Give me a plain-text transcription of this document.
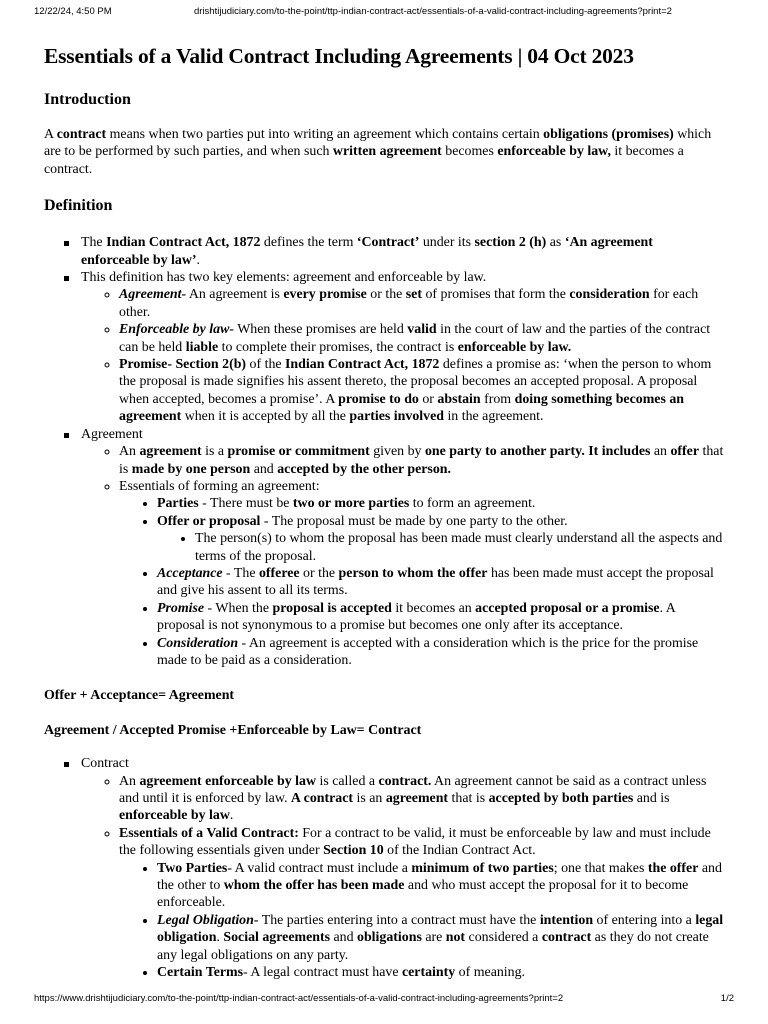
12/22/24, 4:50 PM	drishtijudiciary.com/to-the-point/ttp-indian-contract-act/essentials-of-a-valid-contract-including-agreements?print=2
Essentials of a Valid Contract Including Agreements | 04 Oct 2023
Introduction

A contract means when two parties put into writing an agreement which contains certain obligations (promises) which are to be performed by such parties, and when such written agreement becomes enforceable by law, it becomes a contract.

Definition
The Indian Contract Act, 1872 defines the term ‘Contract’ under its section 2 (h) as ‘An agreement enforceable by law’.
This definition has two key elements: agreement and enforceable by law.
◦ Agreement- An agreement is every promise or the set of promises that form the consideration for each other.
◦ Enforceable by law- When these promises are held valid in the court of law and the parties of the contract can be held liable to complete their promises, the contract is enforceable by law.
◦ Promise- Section 2(b) of the Indian Contract Act, 1872 defines a promise as: ‘when the person to whom the proposal is made signifies his assent thereto, the proposal becomes an accepted proposal. A proposal when accepted, becomes a promise’. A promise to do or abstain from doing something becomes an agreement when it is accepted by all the parties involved in the agreement.
Agreement
◦ An agreement is a promise or commitment given by one party to another party. It includes an offer that is made by one person and accepted by the other person.
◦ Essentials of forming an agreement:
• Parties - There must be two or more parties to form an agreement.
• Offer or proposal - The proposal must be made by one party to the other.
• The person(s) to whom the proposal has been made must clearly understand all the aspects and terms of the proposal.
• Acceptance - The offeree or the person to whom the offer has been made must accept the proposal and give his assent to all its terms.
• Promise - When the proposal is accepted it becomes an accepted proposal or a promise. A proposal is not synonymous to a promise but becomes one only after its acceptance.
• Consideration - An agreement is accepted with a consideration which is the price for the promise made to be paid as a consideration.

Offer + Acceptance= Agreement

Agreement / Accepted Promise +Enforceable by Law= Contract

Contract
◦ An agreement enforceable by law is called a contract. An agreement cannot be said as a contract unless and until it is enforced by law. A contract is an agreement that is accepted by both parties and is enforceable by law.
◦ Essentials of a Valid Contract: For a contract to be valid, it must be enforceable by law and must include the following essentials given under Section 10 of the Indian Contract Act.
• Two Parties- A valid contract must include a minimum of two parties; one that makes the offer and the other to whom the offer has been made and who must accept the proposal for it to become enforceable.
• Legal Obligation- The parties entering into a contract must have the intention of entering into a legal obligation. Social agreements and obligations are not considered a contract as they do not create any legal obligations on any party.
• Certain Terms- A legal contract must have certainty of meaning.
https://www.drishtijudiciary.com/to-the-point/ttp-indian-contract-act/essentials-of-a-valid-contract-including-agreements?print=2	1/2
